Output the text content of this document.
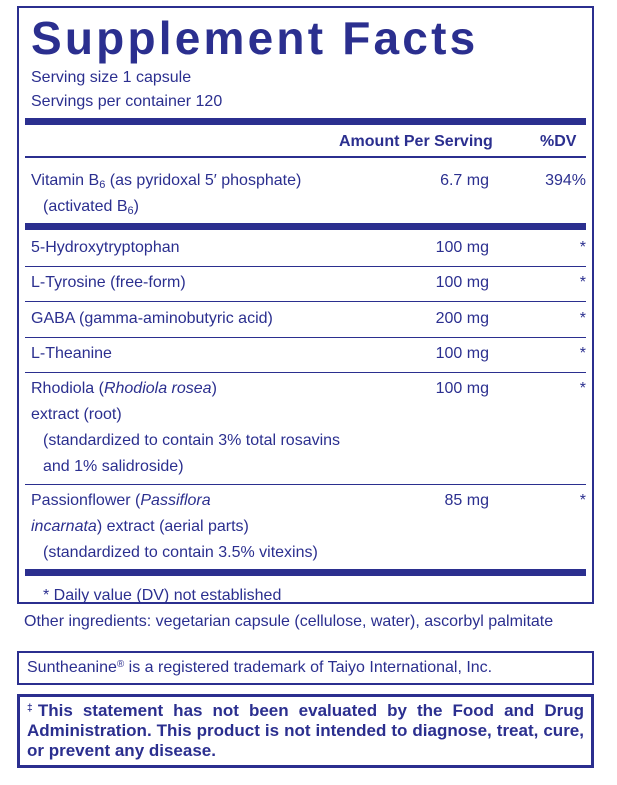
Supplement Facts
Serving size 1 capsule
Servings per container 120
Amount Per Serving	%DV
Vitamin $B_6$ (as pyridoxal 5′ phosphate)
(activated $B_6$)
6.7 mg	394%
5-Hydroxytryptophan	100 mg	*
L-Tyrosine (free-form)	100 mg	*
GABA (gamma-aminobutyric acid)	200 mg	*
L-Theanine	100 mg	*
Rhodiola (Rhodiola rosea)
extract (root)
(standardized to contain 3% total rosavins
and 1% salidroside)
100 mg	*
Passionflower (Passiflora
incarnata) extract (aerial parts)
(standardized to contain 3.5% vitexins)
85 mg	*
* Daily value (DV) not established
Other ingredients: vegetarian capsule (cellulose, water), ascorbyl palmitate
Suntheanine® is a registered trademark of Taiyo International, Inc.
‡This statement has not been evaluated by the Food and Drug Administration. This product is not intended to diagnose, treat, cure, or prevent any disease.
